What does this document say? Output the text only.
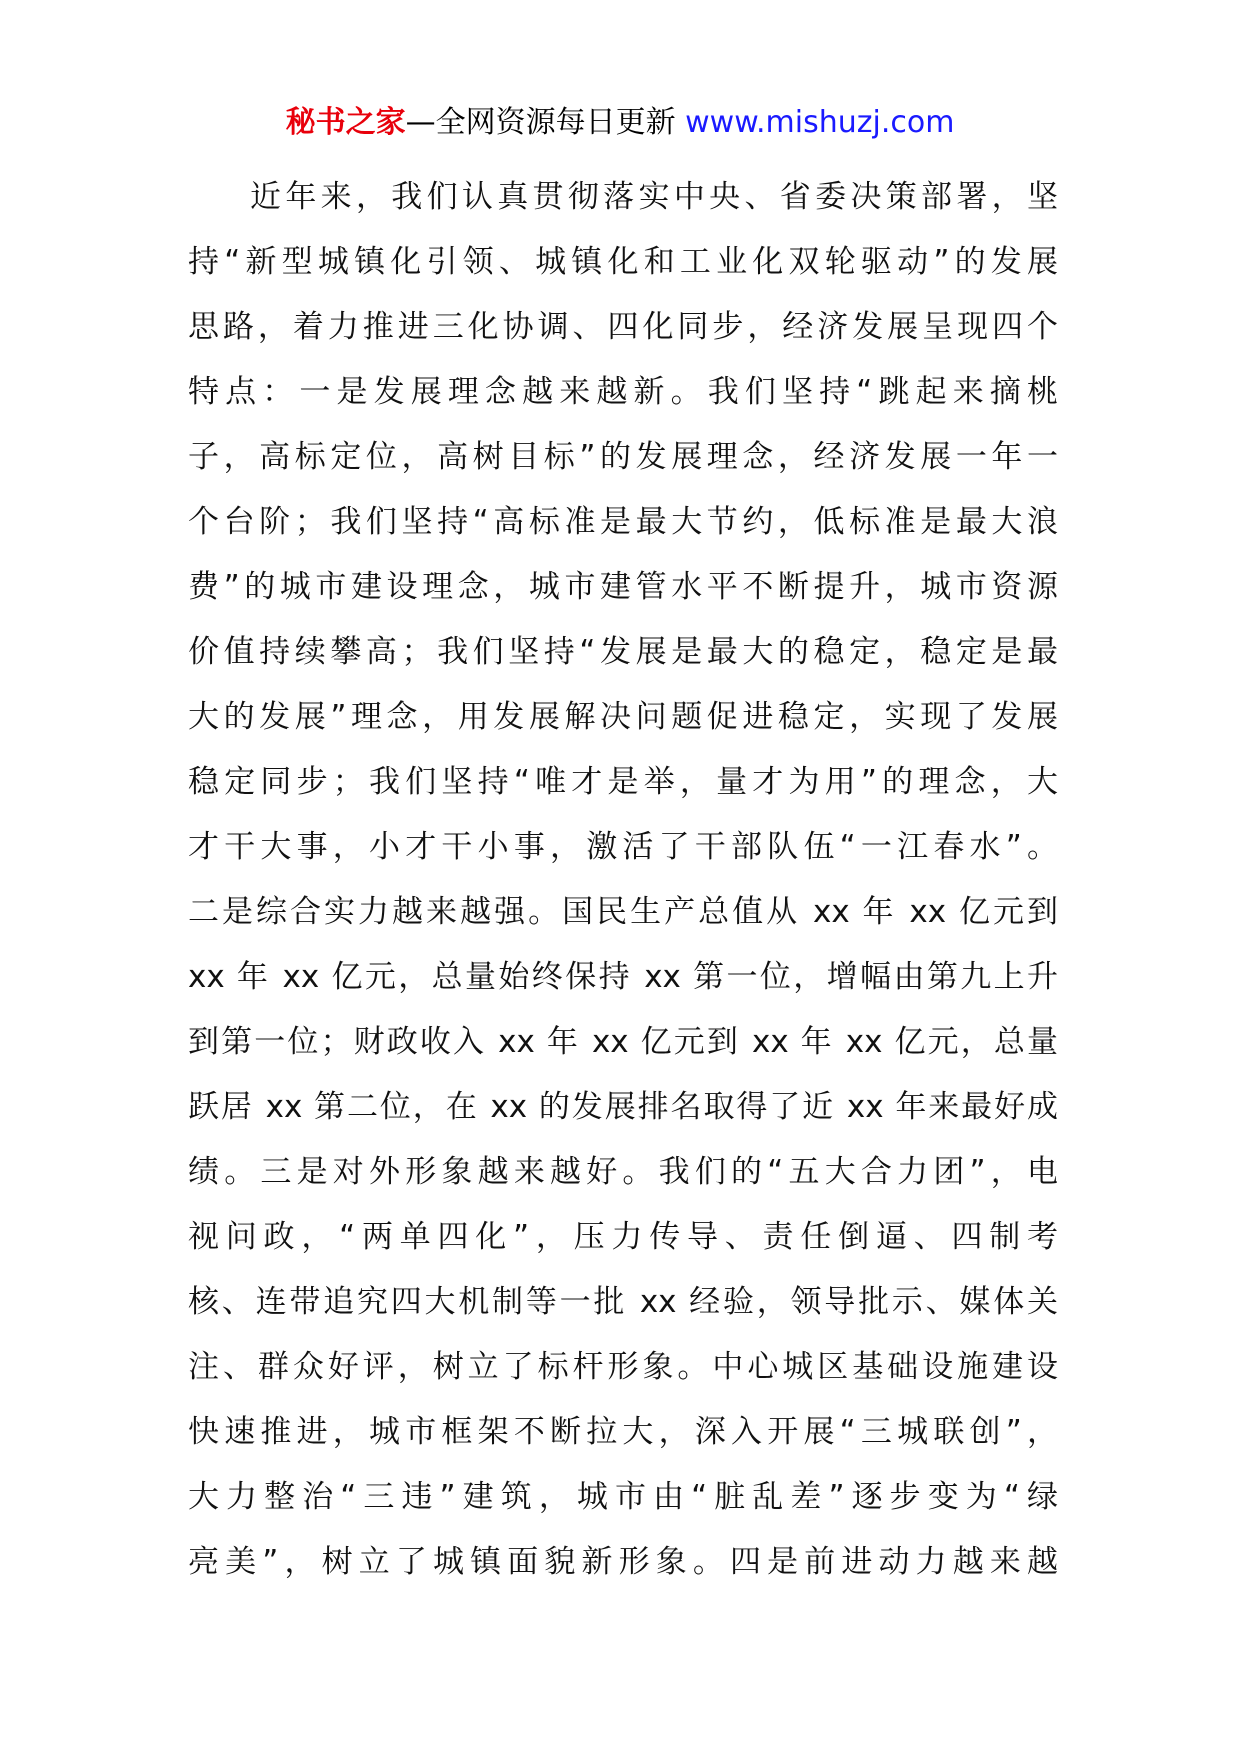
秘书之家—全网资源每日更新 www.mishuzj.com
近年来，我们认真贯彻落实中央、省委决策部署，坚
持“新型城镇化引领、城镇化和工业化双轮驱动”的发展
思路，着力推进三化协调、四化同步，经济发展呈现四个
特点：一是发展理念越来越新。我们坚持“跳起来摘桃
子，高标定位，高树目标”的发展理念，经济发展一年一
个台阶；我们坚持“高标准是最大节约，低标准是最大浪
费”的城市建设理念，城市建管水平不断提升，城市资源
价值持续攀高；我们坚持“发展是最大的稳定，稳定是最
大的发展”理念，用发展解决问题促进稳定，实现了发展
稳定同步；我们坚持“唯才是举，量才为用”的理念，大
才干大事，小才干小事，激活了干部队伍“一江春水”。
二是综合实力越来越强。国民生产总值从 xx 年 xx 亿元到
xx 年 xx 亿元，总量始终保持 xx 第一位，增幅由第九上升
到第一位；财政收入 xx 年 xx 亿元到 xx 年 xx 亿元，总量
跃居 xx 第二位，在 xx 的发展排名取得了近 xx 年来最好成
绩。三是对外形象越来越好。我们的“五大合力团”，电
视问政，“两单四化”，压力传导、责任倒逼、四制考
核、连带追究四大机制等一批 xx 经验，领导批示、媒体关
注、群众好评，树立了标杆形象。中心城区基础设施建设
快速推进，城市框架不断拉大，深入开展“三城联创”，
大力整治“三违”建筑，城市由“脏乱差”逐步变为“绿
亮美”，树立了城镇面貌新形象。四是前进动力越来越
